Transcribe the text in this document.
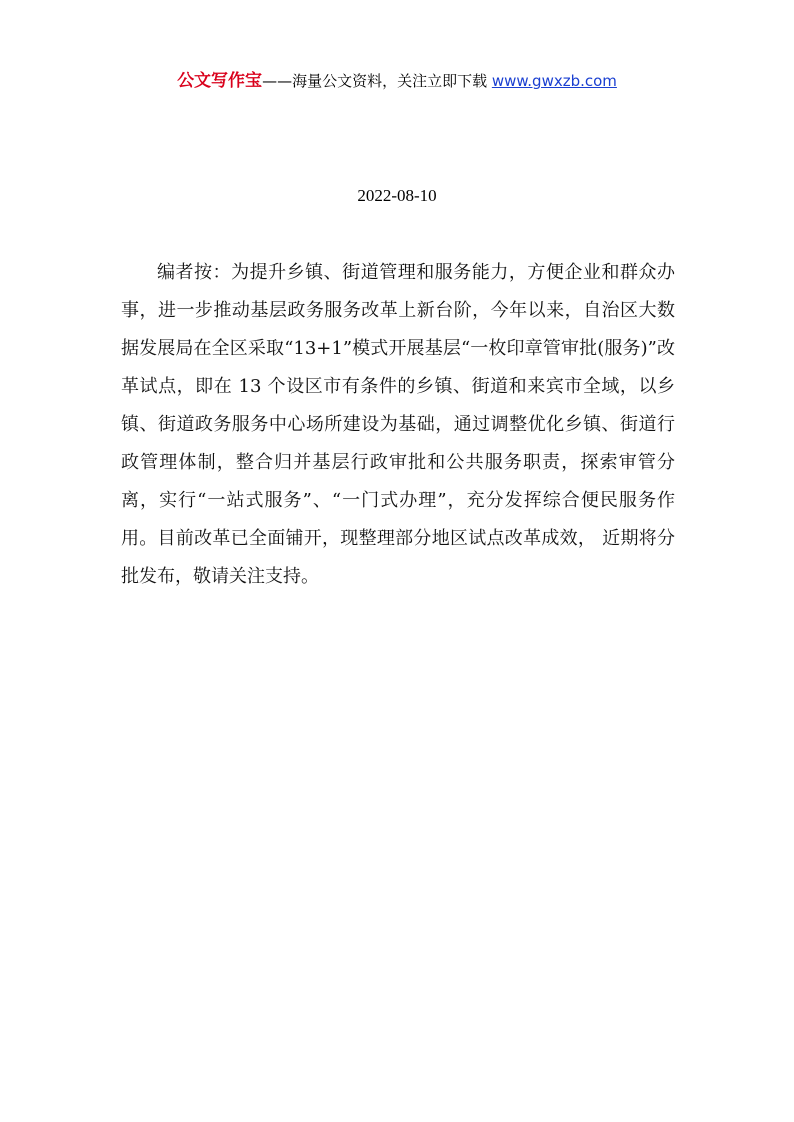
公文写作宝——海量公文资料，关注立即下载 www.gwxzb.com
2022-08-10

编者按：为提升乡镇、街道管理和服务能力，方便企业和群众办事，进一步推动基层政务服务改革上新台阶，今年以来，自治区大数据发展局在全区采取“13+1”模式开展基层“一枚印章管审批(服务)”改革试点，即在 13 个设区市有条件的乡镇、街道和来宾市全域，以乡镇、街道政务服务中心场所建设为基础，通过调整优化乡镇、街道行政管理体制，整合归并基层行政审批和公共服务职责，探索审管分离，实行“一站式服务”、“一门式办理”，充分发挥综合便民服务作用。目前改革已全面铺开，现整理部分地区试点改革成效， 近期将分批发布，敬请关注支持。
